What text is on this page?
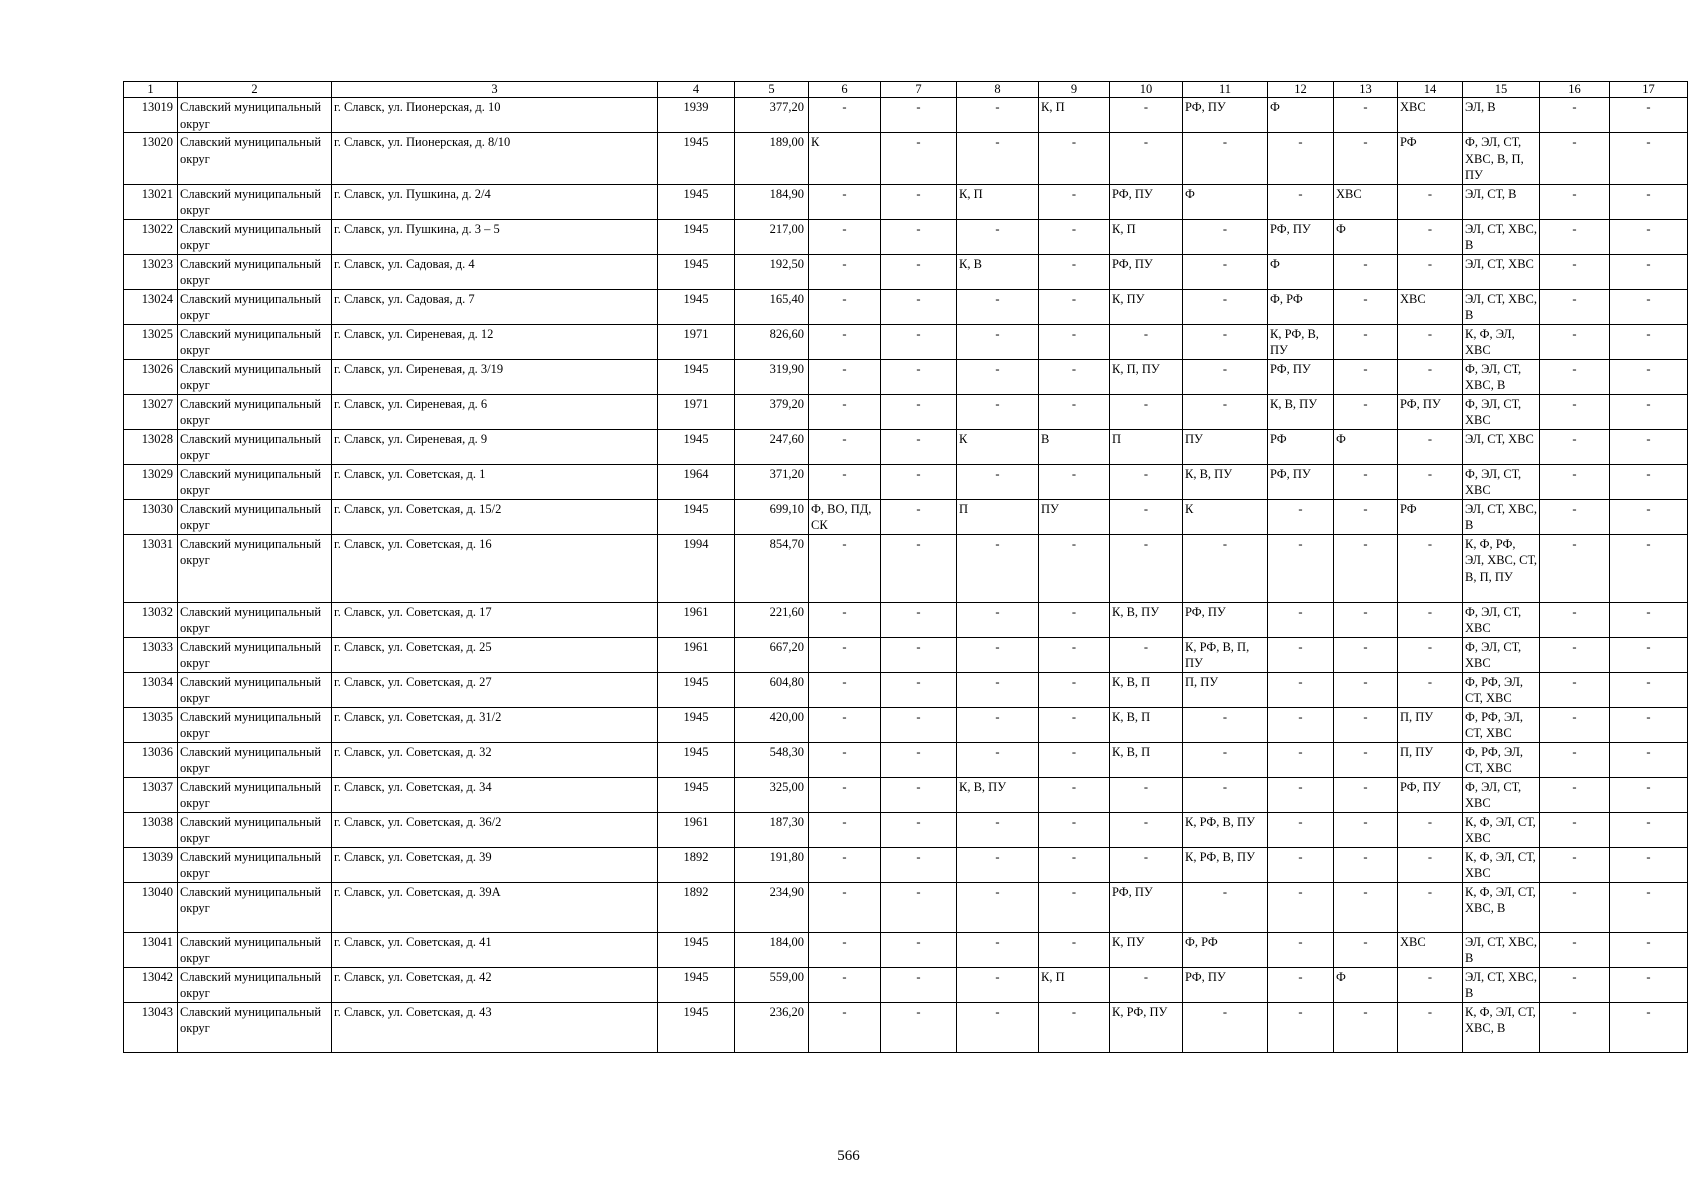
1	2	3	4	5	6	7	8	9	10	11	12	13	14	15	16	17
13019	Славский муниципальный округ	г. Славск, ул. Пионерская, д. 10	1939	377,20	-	-	-	К, П	-	РФ, ПУ	Ф	-	ХВС	ЭЛ, В	-	-
13020	Славский муниципальный округ	г. Славск, ул. Пионерская, д. 8/10	1945	189,00	К	-	-	-	-	-	-	-	РФ	Ф, ЭЛ, СТ, ХВС, В, П, ПУ	-	-
13021	Славский муниципальный округ	г. Славск, ул. Пушкина, д. 2/4	1945	184,90	-	-	К, П	-	РФ, ПУ	Ф	-	ХВС	-	ЭЛ, СТ, В	-	-
13022	Славский муниципальный округ	г. Славск, ул. Пушкина, д. 3 – 5	1945	217,00	-	-	-	-	К, П	-	РФ, ПУ	Ф	-	ЭЛ, СТ, ХВС, В	-	-
13023	Славский муниципальный округ	г. Славск, ул. Садовая, д. 4	1945	192,50	-	-	К, В	-	РФ, ПУ	-	Ф	-	-	ЭЛ, СТ, ХВС	-	-
13024	Славский муниципальный округ	г. Славск, ул. Садовая, д. 7	1945	165,40	-	-	-	-	К, ПУ	-	Ф, РФ	-	ХВС	ЭЛ, СТ, ХВС, В	-	-
13025	Славский муниципальный округ	г. Славск, ул. Сиреневая, д. 12	1971	826,60	-	-	-	-	-	-	К, РФ, В, ПУ	-	-	К, Ф, ЭЛ, ХВС	-	-
13026	Славский муниципальный округ	г. Славск, ул. Сиреневая, д. 3/19	1945	319,90	-	-	-	-	К, П, ПУ	-	РФ, ПУ	-	-	Ф, ЭЛ, СТ, ХВС, В	-	-
13027	Славский муниципальный округ	г. Славск, ул. Сиреневая, д. 6	1971	379,20	-	-	-	-	-	-	К, В, ПУ	-	РФ, ПУ	Ф, ЭЛ, СТ, ХВС	-	-
13028	Славский муниципальный округ	г. Славск, ул. Сиреневая, д. 9	1945	247,60	-	-	К	В	П	ПУ	РФ	Ф	-	ЭЛ, СТ, ХВС	-	-
13029	Славский муниципальный округ	г. Славск, ул. Советская, д. 1	1964	371,20	-	-	-	-	-	К, В, ПУ	РФ, ПУ	-	-	Ф, ЭЛ, СТ, ХВС	-	-
13030	Славский муниципальный округ	г. Славск, ул. Советская, д. 15/2	1945	699,10	Ф, ВО, ПД, СК	-	П	ПУ	-	К	-	-	РФ	ЭЛ, СТ, ХВС, В	-	-
13031	Славский муниципальный округ	г. Славск, ул. Советская, д. 16	1994	854,70	-	-	-	-	-	-	-	-	-	К, Ф, РФ, ЭЛ, ХВС, СТ, В, П, ПУ	-	-
13032	Славский муниципальный округ	г. Славск, ул. Советская, д. 17	1961	221,60	-	-	-	-	К, В, ПУ	РФ, ПУ	-	-	-	Ф, ЭЛ, СТ, ХВС	-	-
13033	Славский муниципальный округ	г. Славск, ул. Советская, д. 25	1961	667,20	-	-	-	-	-	К, РФ, В, П, ПУ	-	-	-	Ф, ЭЛ, СТ, ХВС	-	-
13034	Славский муниципальный округ	г. Славск, ул. Советская, д. 27	1945	604,80	-	-	-	-	К, В, П	П, ПУ	-	-	-	Ф, РФ, ЭЛ, СТ, ХВС	-	-
13035	Славский муниципальный округ	г. Славск, ул. Советская, д. 31/2	1945	420,00	-	-	-	-	К, В, П	-	-	-	П, ПУ	Ф, РФ, ЭЛ, СТ, ХВС	-	-
13036	Славский муниципальный округ	г. Славск, ул. Советская, д. 32	1945	548,30	-	-	-	-	К, В, П	-	-	-	П, ПУ	Ф, РФ, ЭЛ, СТ, ХВС	-	-
13037	Славский муниципальный округ	г. Славск, ул. Советская, д. 34	1945	325,00	-	-	К, В, ПУ	-	-	-	-	-	РФ, ПУ	Ф, ЭЛ, СТ, ХВС	-	-
13038	Славский муниципальный округ	г. Славск, ул. Советская, д. 36/2	1961	187,30	-	-	-	-	-	К, РФ, В, ПУ	-	-	-	К, Ф, ЭЛ, СТ, ХВС	-	-
13039	Славский муниципальный округ	г. Славск, ул. Советская, д. 39	1892	191,80	-	-	-	-	-	К, РФ, В, ПУ	-	-	-	К, Ф, ЭЛ, СТ, ХВС	-	-
13040	Славский муниципальный округ	г. Славск, ул. Советская, д. 39А	1892	234,90	-	-	-	-	РФ, ПУ	-	-	-	-	К, Ф, ЭЛ, СТ, ХВС, В	-	-
13041	Славский муниципальный округ	г. Славск, ул. Советская, д. 41	1945	184,00	-	-	-	-	К, ПУ	Ф, РФ	-	-	ХВС	ЭЛ, СТ, ХВС, В	-	-
13042	Славский муниципальный округ	г. Славск, ул. Советская, д. 42	1945	559,00	-	-	-	К, П	-	РФ, ПУ	-	Ф	-	ЭЛ, СТ, ХВС, В	-	-
13043	Славский муниципальный округ	г. Славск, ул. Советская, д. 43	1945	236,20	-	-	-	-	К, РФ, ПУ	-	-	-	-	К, Ф, ЭЛ, СТ, ХВС, В	-	-
566
